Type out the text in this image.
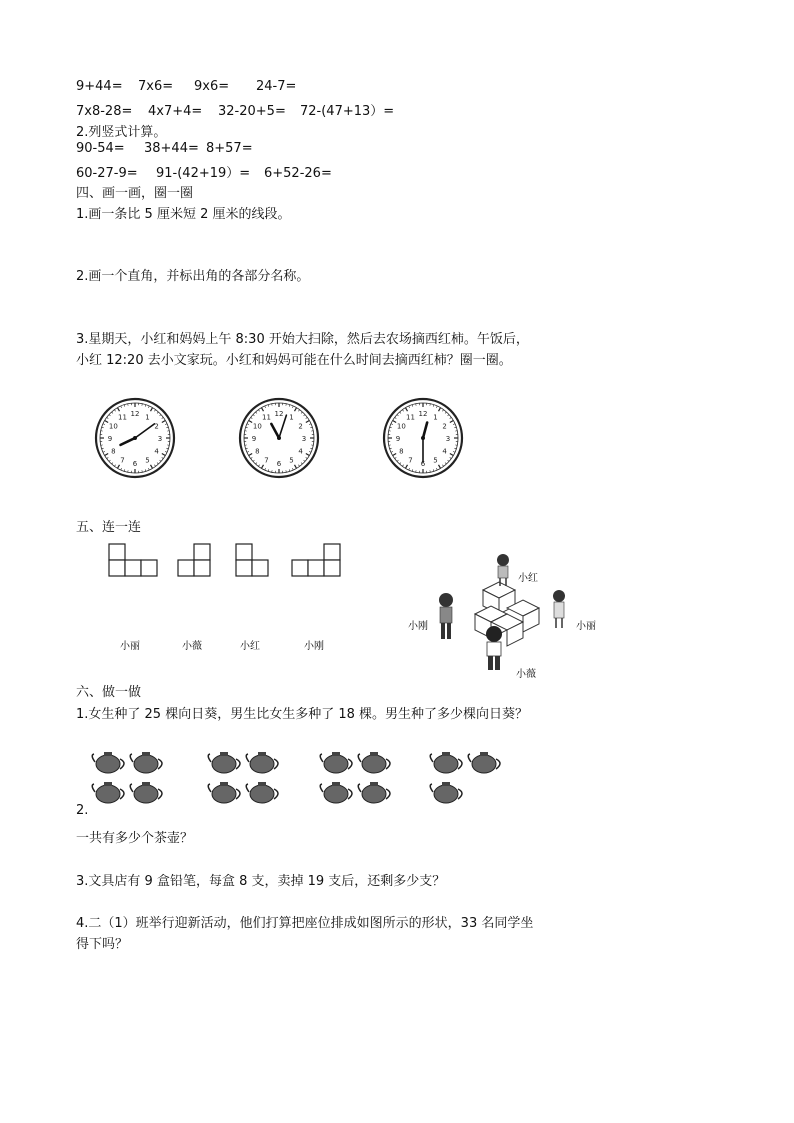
9+44= 7x6= 9x6= 24-7=
7x8-28= 4x7+4= 32-20+5= 72-(47+13）=
2.列竖式计算。
90-54= 38+44= 8+57=
60-27-9= 91-(42+19）= 6+52-26=
四、画一画，圈一圈
1.画一条比 5 厘米短 2 厘米的线段。
2.画一个直角，并标出角的各部分名称。
3.星期天，小红和妈妈上午 8:30 开始大扫除，然后去农场摘西红柿。午饭后，
小红 12:20 去小文家玩。小红和妈妈可能在什么时间去摘西红柿？圈一圈。
12 1
2
3
4
5
6
7
8
9
10
11	12 1
2
3
4
5
6
7
8
9
10
11	12 1
2
3
4
5
6
7
8
9
10
11
五、连一连
小丽	小薇	小红	小刚
小红
小刚	小丽
小薇
六、做一做
1.女生种了 25 棵向日葵，男生比女生多种了 18 棵。男生种了多少棵向日葵？
2.
一共有多少个茶壶？
3.文具店有 9 盒铅笔，每盒 8 支，卖掉 19 支后，还剩多少支？
4.二（1）班举行迎新活动，他们打算把座位排成如图所示的形状，33 名同学坐
得下吗？
